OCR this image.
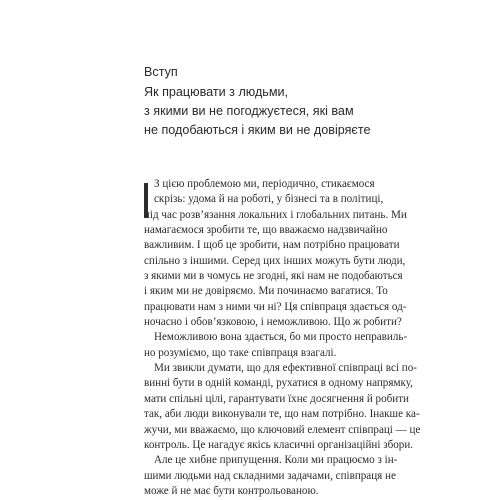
Вступ
Як працювати з людьми,
з якими ви не погоджуєтеся, які вам
не подобаються і яким ви не довіряєте
З цією проблемою ми, періодично, стикаємося
скрізь: удома й на роботі, у бізнесі та в політиці,
під час розв’язання локальних і глобальних питань. Ми
намагаємося зробити те, що вважаємо надзвичайно
важливим. І щоб це зробити, нам потрібно працювати
спільно з іншими. Серед цих інших можуть бути люди,
з якими ми в чомусь не згодні, які нам не подобаються
і яким ми не довіряємо. Ми починаємо вагатися. То
працювати нам з ними чи ні? Ця співпраця здається од-
ночасно і обов’язковою, і неможливою. Що ж робити?
Неможливою вона здається, бо ми просто неправиль-
но розуміємо, що таке співпраця взагалі.
Ми звикли думати, що для ефективної співпраці всі по-
винні бути в одній команді, рухатися в одному напрямку,
мати спільні цілі, гарантувати їхнє досягнення й робити
так, аби люди виконували те, що нам потрібно. Інакше ка-
жучи, ми вважаємо, що ключовий елемент співпраці — це
контроль. Це нагадує якісь класичні організаційні збори.
Але це хибне припущення. Коли ми працюємо з ін-
шими людьми над складними задачами, співпраця не
може й не має бути контрольованою.
